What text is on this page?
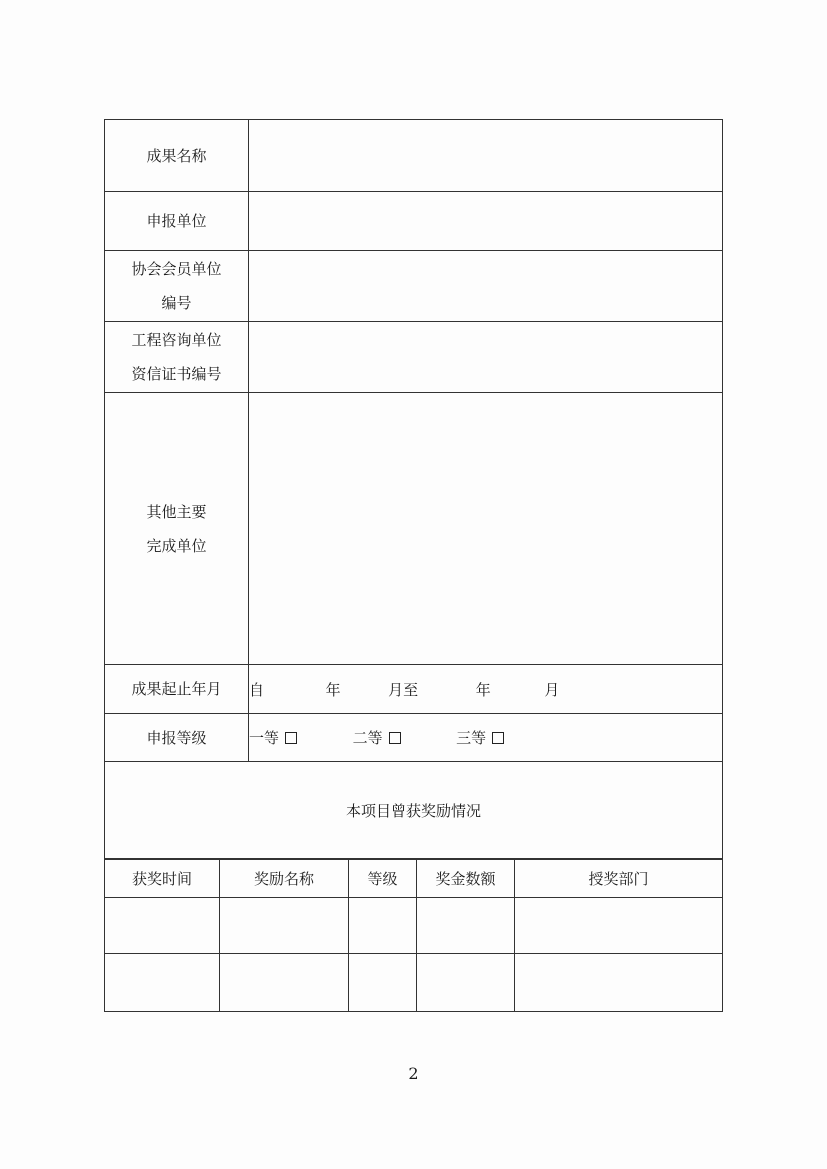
成果名称	

申报单位	

协会会员单位
编号	

工程咨询单位
资信证书编号	

其他主要
完成单位	

成果起止年月	自 年 月至 年 月

申报等级	一等 二等 三等
本项目曾获奖励情况	
获奖时间	奖励名称	等级	奖金数额	授奖部门

2
